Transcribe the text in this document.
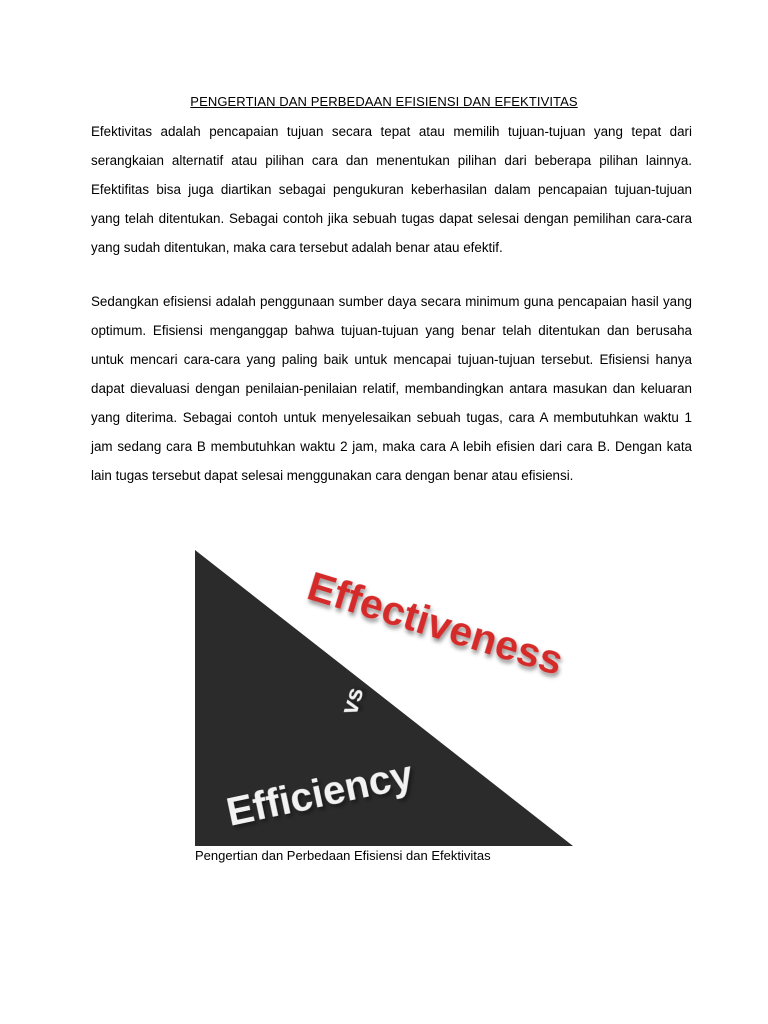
PENGERTIAN DAN PERBEDAAN EFISIENSI DAN EFEKTIVITAS

Efektivitas adalah pencapaian tujuan secara tepat atau memilih tujuan-tujuan yang tepat dari serangkaian alternatif atau pilihan cara dan menentukan pilihan dari beberapa pilihan lainnya. Efektifitas bisa juga diartikan sebagai pengukuran keberhasilan dalam pencapaian tujuan-tujuan yang telah ditentukan. Sebagai contoh jika sebuah tugas dapat selesai dengan pemilihan cara-cara yang sudah ditentukan, maka cara tersebut adalah benar atau efektif.

Sedangkan efisiensi adalah penggunaan sumber daya secara minimum guna pencapaian hasil yang optimum. Efisiensi menganggap bahwa tujuan-tujuan yang benar telah ditentukan dan berusaha untuk mencari cara-cara yang paling baik untuk mencapai tujuan-tujuan tersebut. Efisiensi hanya dapat dievaluasi dengan penilaian-penilaian relatif, membandingkan antara masukan dan keluaran yang diterima. Sebagai contoh untuk menyelesaikan sebuah tugas, cara A membutuhkan waktu 1 jam sedang cara B membutuhkan waktu 2 jam, maka cara A lebih efisien dari cara B. Dengan kata lain tugas tersebut dapat selesai menggunakan cara dengan benar atau efisiensi.

Effectiveness
vs
Efficiency
Pengertian dan Perbedaan Efisiensi dan Efektivitas
